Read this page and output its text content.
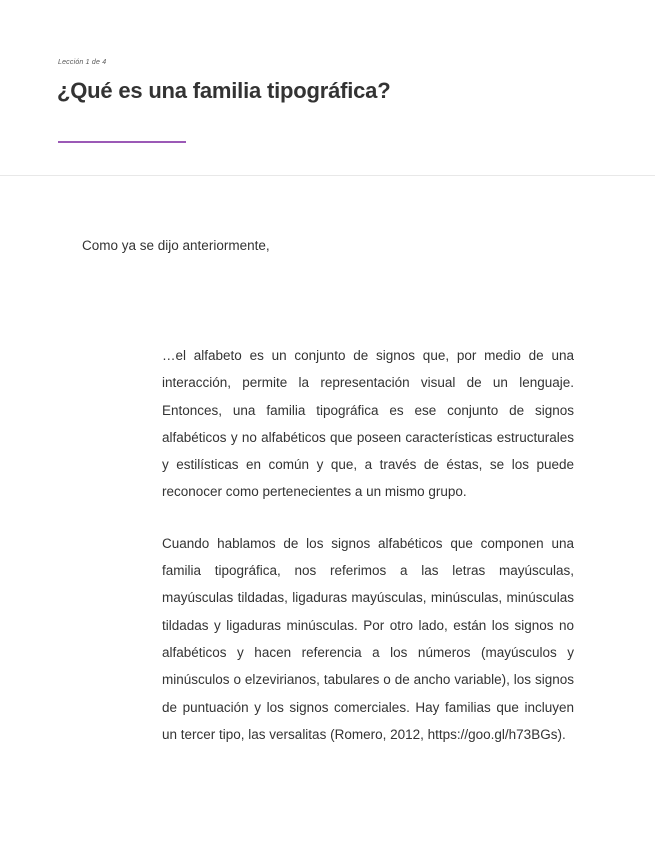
Lección 1 de 4
¿Qué es una familia tipográfica?
Como ya se dijo anteriormente,

…el alfabeto es un conjunto de signos que, por medio de una interacción, permite la representación visual de un lenguaje. Entonces, una familia tipográfica es ese conjunto de signos alfabéticos y no alfabéticos que poseen características estructurales y estilísticas en común y que, a través de éstas, se los puede reconocer como pertenecientes a un mismo grupo.

Cuando hablamos de los signos alfabéticos que componen una familia tipográfica, nos referimos a las letras mayúsculas, mayúsculas tildadas, ligaduras mayúsculas, minúsculas, minúsculas tildadas y ligaduras minúsculas. Por otro lado, están los signos no alfabéticos y hacen referencia a los números (mayúsculos y minúsculos o elzevirianos, tabulares o de ancho variable), los signos de puntuación y los signos comerciales. Hay familias que incluyen un tercer tipo, las versalitas (Romero, 2012, https://goo.gl/h73BGs).
